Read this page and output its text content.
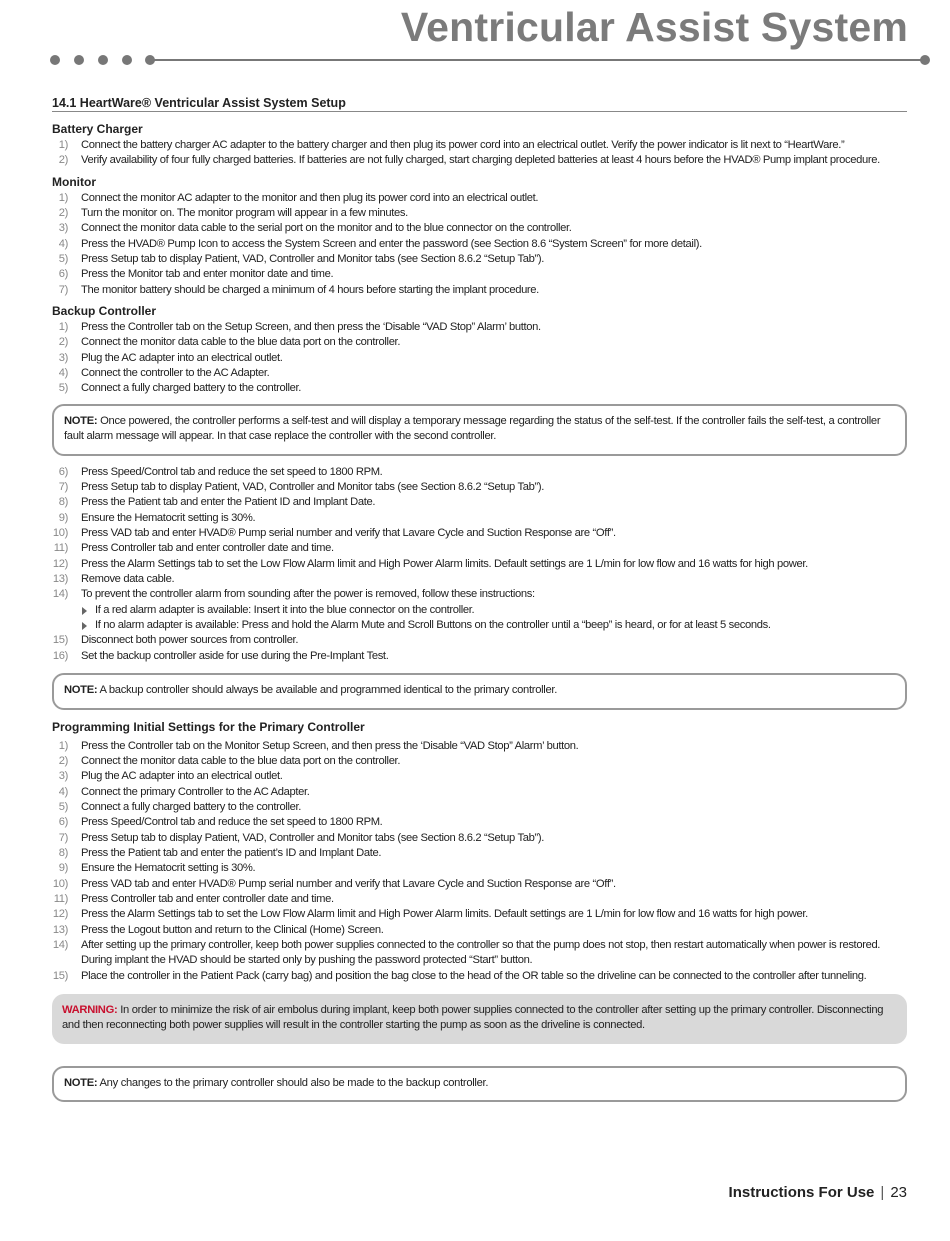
Ventricular Assist System
14.1 HeartWare® Ventricular Assist System Setup
Battery Charger
1 )	Connect the battery charger AC adapter to the battery charger and then plug its power cord into an electrical outlet. Verify the power indicator is lit next to “HeartWare.”
2 )	Verify availability of four fully charged batteries. If batteries are not fully charged, start charging depleted batteries at least 4 hours before the HVAD® Pump implant procedure.
Monitor
1 )	Connect the monitor AC adapter to the monitor and then plug its power cord into an electrical outlet.
2 )	Turn the monitor on. The monitor program will appear in a few minutes.
3 )	Connect the monitor data cable to the serial port on the monitor and to the blue connector on the controller.
4 )	Press the HVAD® Pump Icon to access the System Screen and enter the password (see Section 8.6 “System Screen” for more detail).
5 )	Press Setup tab to display Patient, VAD, Controller and Monitor tabs (see Section 8.6.2 “Setup Tab”).
6 )	Press the Monitor tab and enter monitor date and time.
7 )	The monitor battery should be charged a minimum of 4 hours before starting the implant procedure.
Backup Controller
1 )	Press the Controller tab on the Setup Screen, and then press the ‘Disable “VAD Stop” Alarm’ button.
2 )	Connect the monitor data cable to the blue data port on the controller.
3 )	Plug the AC adapter into an electrical outlet.
4 )	Connect the controller to the AC Adapter.
5 )	Connect a fully charged battery to the controller.
NOTE: Once powered, the controller performs a self-test and will display a temporary message regarding the status of the self-test. If the controller fails the self-test, a controller fault alarm message will appear. In that case replace the controller with the second controller.
6 )	Press Speed/Control tab and reduce the set speed to 1800 RPM.
7 )	Press Setup tab to display Patient, VAD, Controller and Monitor tabs (see Section 8.6.2 “Setup Tab”).
8 )	Press the Patient tab and enter the Patient ID and Implant Date.
9 )	Ensure the Hematocrit setting is 30%.
10 )	Press VAD tab and enter HVAD® Pump serial number and verify that Lavare Cycle and Suction Response are “Off”.
11 )	Press Controller tab and enter controller date and time.
12 )	Press the Alarm Settings tab to set the Low Flow Alarm limit and High Power Alarm limits. Default settings are 1 L/min for low flow and 16 watts for high power.
13 )	Remove data cable.
14 )	To prevent the controller alarm from sounding after the power is removed, follow these instructions:
If a red alarm adapter is available: Insert it into the blue connector on the controller.
If no alarm adapter is available: Press and hold the Alarm Mute and Scroll Buttons on the controller until a “beep” is heard, or for at least 5 seconds.
15 )	Disconnect both power sources from controller.
16 )	Set the backup controller aside for use during the Pre-Implant Test.
NOTE: A backup controller should always be available and programmed identical to the primary controller.
Programming Initial Settings for the Primary Controller
1 )	Press the Controller tab on the Monitor Setup Screen, and then press the ‘Disable “VAD Stop” Alarm’ button.
2 )	Connect the monitor data cable to the blue data port on the controller.
3 )	Plug the AC adapter into an electrical outlet.
4 )	Connect the primary Controller to the AC Adapter.
5 )	Connect a fully charged battery to the controller.
6 )	Press Speed/Control tab and reduce the set speed to 1800 RPM.
7 )	Press Setup tab to display Patient, VAD, Controller and Monitor tabs (see Section 8.6.2 “Setup Tab”).
8 )	Press the Patient tab and enter the patient’s ID and Implant Date.
9 )	Ensure the Hematocrit setting is 30%.
10 )	Press VAD tab and enter HVAD® Pump serial number and verify that Lavare Cycle and Suction Response are “Off”.
11 )	Press Controller tab and enter controller date and time.
12 )	Press the Alarm Settings tab to set the Low Flow Alarm limit and High Power Alarm limits. Default settings are 1 L/min for low flow and 16 watts for high power.
13 )	Press the Logout button and return to the Clinical (Home) Screen.
14 )	After setting up the primary controller, keep both power supplies connected to the controller so that the pump does not stop, then restart automatically when power is restored. During implant the HVAD should be started only by pushing the password protected “Start” button.
15 )	Place the controller in the Patient Pack (carry bag) and position the bag close to the head of the OR table so the driveline can be connected to the controller after tunneling.
WARNING: In order to minimize the risk of air embolus during implant, keep both power supplies connected to the controller after setting up the primary controller. Disconnecting and then reconnecting both power supplies will result in the controller starting the pump as soon as the driveline is connected.
NOTE: Any changes to the primary controller should also be made to the backup controller.
Instructions For Use | 23
